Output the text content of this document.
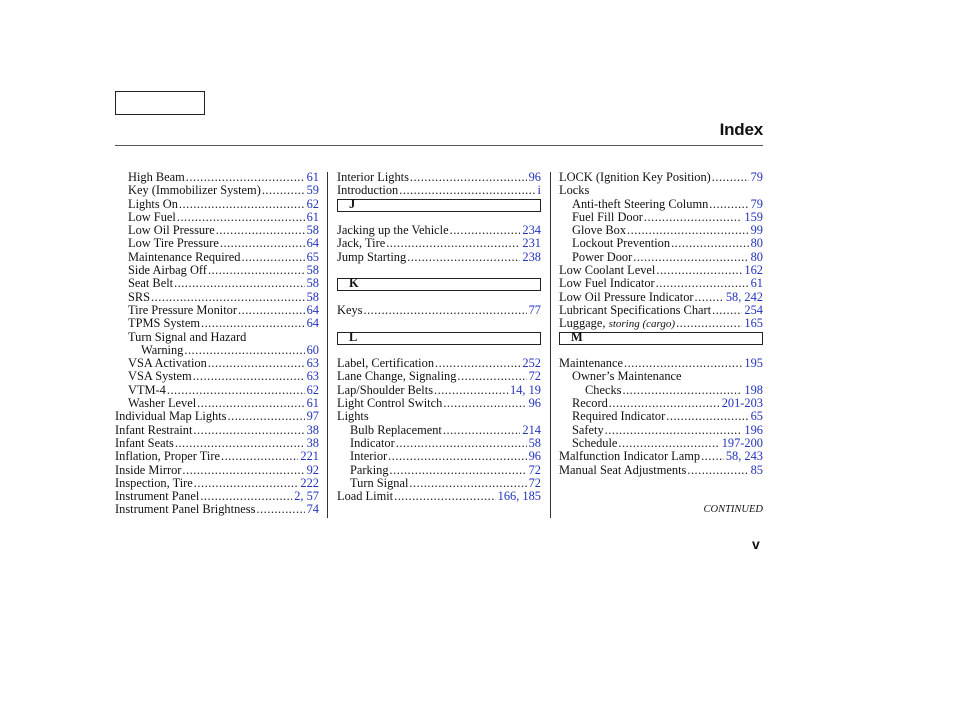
Index
High Beam .....	61
Key (Immobilizer System) .....	59
Lights On .....	62
Low Fuel .....	61
Low Oil Pressure .....	58
Low Tire Pressure .....	64
Maintenance Required .....	65
Side Airbag Off .....	58
Seat Belt .....	58
SRS .....	58
Tire Pressure Monitor .....	64
TPMS System .....	64
Turn Signal and Hazard
Warning .....	60
VSA Activation .....	63
VSA System .....	63
VTM-4 .....	62
Washer Level .....	61
Individual Map Lights .....	97
Infant Restraint .....	38
Infant Seats .....	38
Inflation, Proper Tire .....	221
Inside Mirror .....	92
Inspection, Tire .....	222
Instrument Panel .....	2, 57
Instrument Panel Brightness .....	74
Interior Lights .....	96
Introduction .....	i
J
Jacking up the Vehicle .....	234
Jack, Tire .....	231
Jump Starting .....	238
K
Keys .....	77
L
Label, Certification .....	252
Lane Change, Signaling .....	72
Lap/Shoulder Belts .....	14, 19
Light Control Switch .....	96
Lights
Bulb Replacement .....	214
Indicator .....	58
Interior .....	96
Parking .....	72
Turn Signal .....	72
Load Limit .....	166, 185
LOCK (Ignition Key Position) .....	79
Locks
Anti-theft Steering Column .....	79
Fuel Fill Door .....	159
Glove Box .....	99
Lockout Prevention .....	80
Power Door .....	80
Low Coolant Level .....	162
Low Fuel Indicator .....	61
Low Oil Pressure Indicator .....	58, 242
Lubricant Specifications Chart .....	254
Luggage, storing (cargo) .....	165
M
Maintenance .....	195
Owner’s Maintenance
Checks .....	198
Record .....	201-203
Required Indicator .....	65
Safety .....	196
Schedule .....	197-200
Malfunction Indicator Lamp ..... 58, 243
Manual Seat Adjustments .....	85
CONTINUED
v
